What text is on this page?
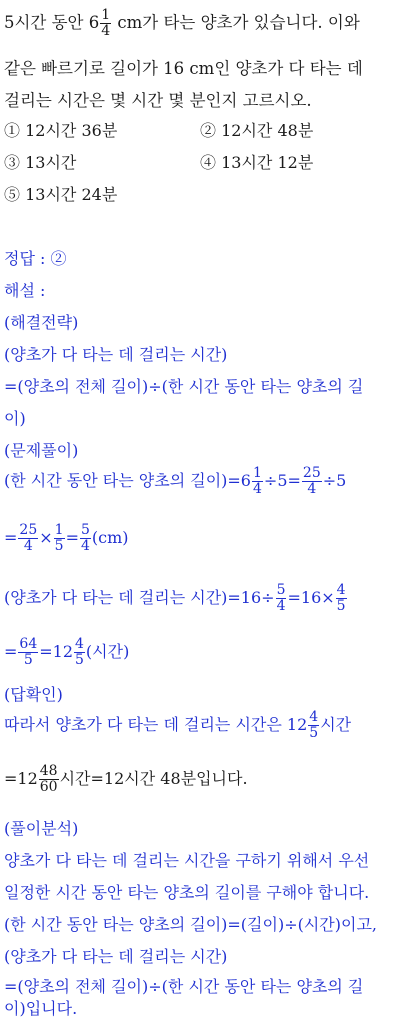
5시간 동안 $6 \frac{1}{4}$ cm가 타는 양초가 있습니다. 이와
같은 빠르기로 길이가 16 cm인 양초가 다 타는 데
걸리는 시간은 몇 시간 몇 분인지 고르시오.
① 12시간 36분	② 12시간 48분
③ 13시간	④ 13시간 12분
⑤ 13시간 24분
정답 : ②
해설 :
(해결전략)
(양초가 다 타는 데 걸리는 시간)
=(양초의 전체 길이)÷(한 시간 동안 타는 양초의 길
이)
(문제풀이)
(한 시간 동안 타는 양초의 길이)$=6 \frac{1}{4} \div 5= \frac{25}{4} \div 5$
= $\frac{25}{4} \times \frac{1}{5} = \frac{5}{4} (cm)$
(양초가 다 타는 데 걸리는 시간)$=16\div \frac{5}{4} =16\times \frac{4}{5}$
= $\frac{64}{5} =12 \frac{4}{5}$ (시간)
(답확인)
따라서 양초가 다 타는 데 걸리는 시간은 $12 \frac{4}{5}$ 시간
$=12 \frac{48}{60}$ 시간=12시간 48분입니다.
(풀이분석)
양초가 다 타는 데 걸리는 시간을 구하기 위해서 우선
일정한 시간 동안 타는 양초의 길이를 구해야 합니다.
(한 시간 동안 타는 양초의 길이)=(길이)÷(시간)이고,
(양초가 다 타는 데 걸리는 시간)
=(양초의 전체 길이)÷(한 시간 동안 타는 양초의 길
이)입니다.
